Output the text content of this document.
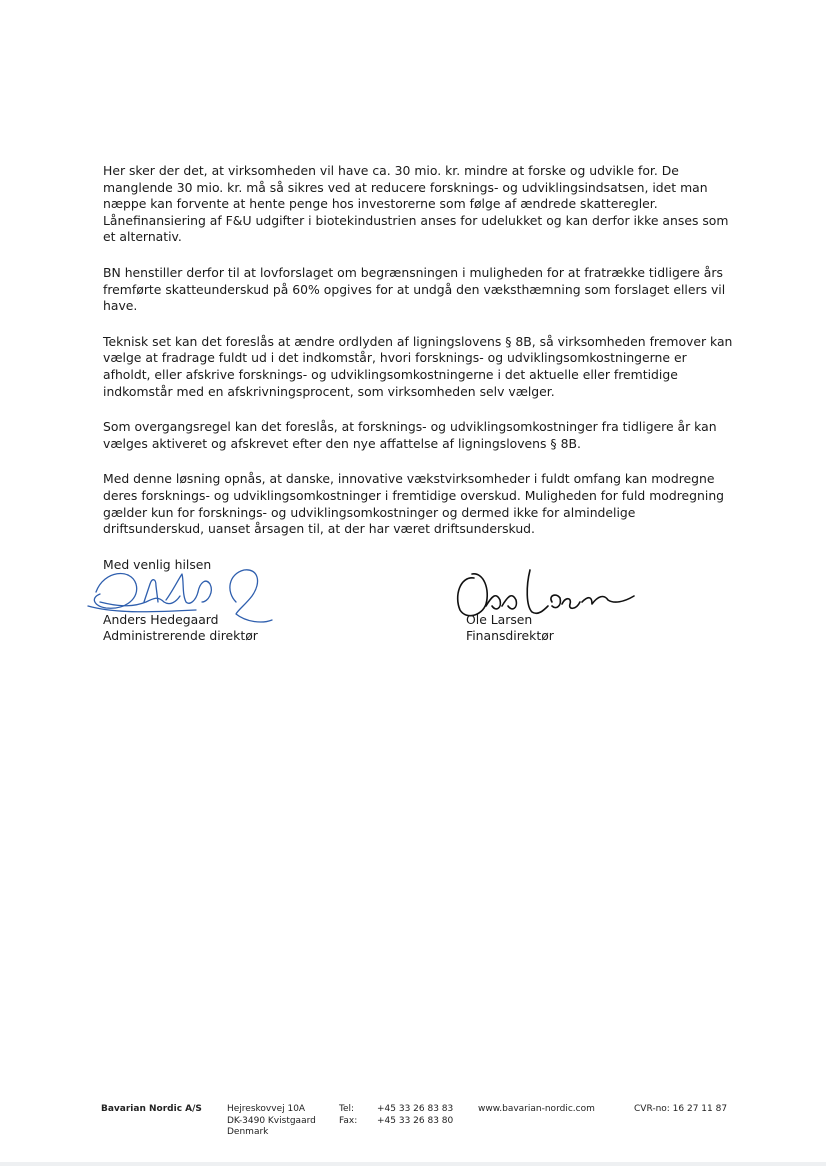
Her sker der det, at virksomheden vil have ca. 30 mio. kr. mindre at forske og udvikle for. De manglende 30 mio. kr. må så sikres ved at reducere forsknings- og udviklingsindsatsen, idet man næppe kan forvente at hente penge hos investorerne som følge af ændrede skatteregler. Lånefinansiering af F&U udgifter i biotekindustrien anses for udelukket og kan derfor ikke anses som et alternativ.

BN henstiller derfor til at lovforslaget om begrænsningen i muligheden for at fratrække tidligere års fremførte skatteunderskud på 60% opgives for at undgå den væksthæmning som forslaget ellers vil have.

Teknisk set kan det foreslås at ændre ordlyden af ligningslovens § 8B, så virksomheden fremover kan vælge at fradrage fuldt ud i det indkomstår, hvori forsknings- og udviklingsomkostningerne er afholdt, eller afskrive forsknings- og udviklingsomkostningerne i det aktuelle eller fremtidige indkomstår med en afskrivningsprocent, som virksomheden selv vælger.

Som overgangsregel kan det foreslås, at forsknings- og udviklingsomkostninger fra tidligere år kan vælges aktiveret og afskrevet efter den nye affattelse af ligningslovens § 8B.

Med denne løsning opnås, at danske, innovative vækstvirksomheder i fuldt omfang kan modregne deres forsknings- og udviklingsomkostninger i fremtidige overskud. Muligheden for fuld modregning gælder kun for forsknings- og udviklingsomkostninger og dermed ikke for almindelige driftsunderskud, uanset årsagen til, at der har været driftsunderskud.

Med venlig hilsen

Anders Hedegaard
Administrerende direktør
Ole Larsen
Finansdirektør
Bavarian Nordic A/S	Hejreskovvej 10A
DK-3490 Kvistgaard
Denmark
Tel:
Fax:
+45 33 26 83 83
+45 33 26 83 80
www.bavarian-nordic.com	CVR-no: 16 27 11 87
